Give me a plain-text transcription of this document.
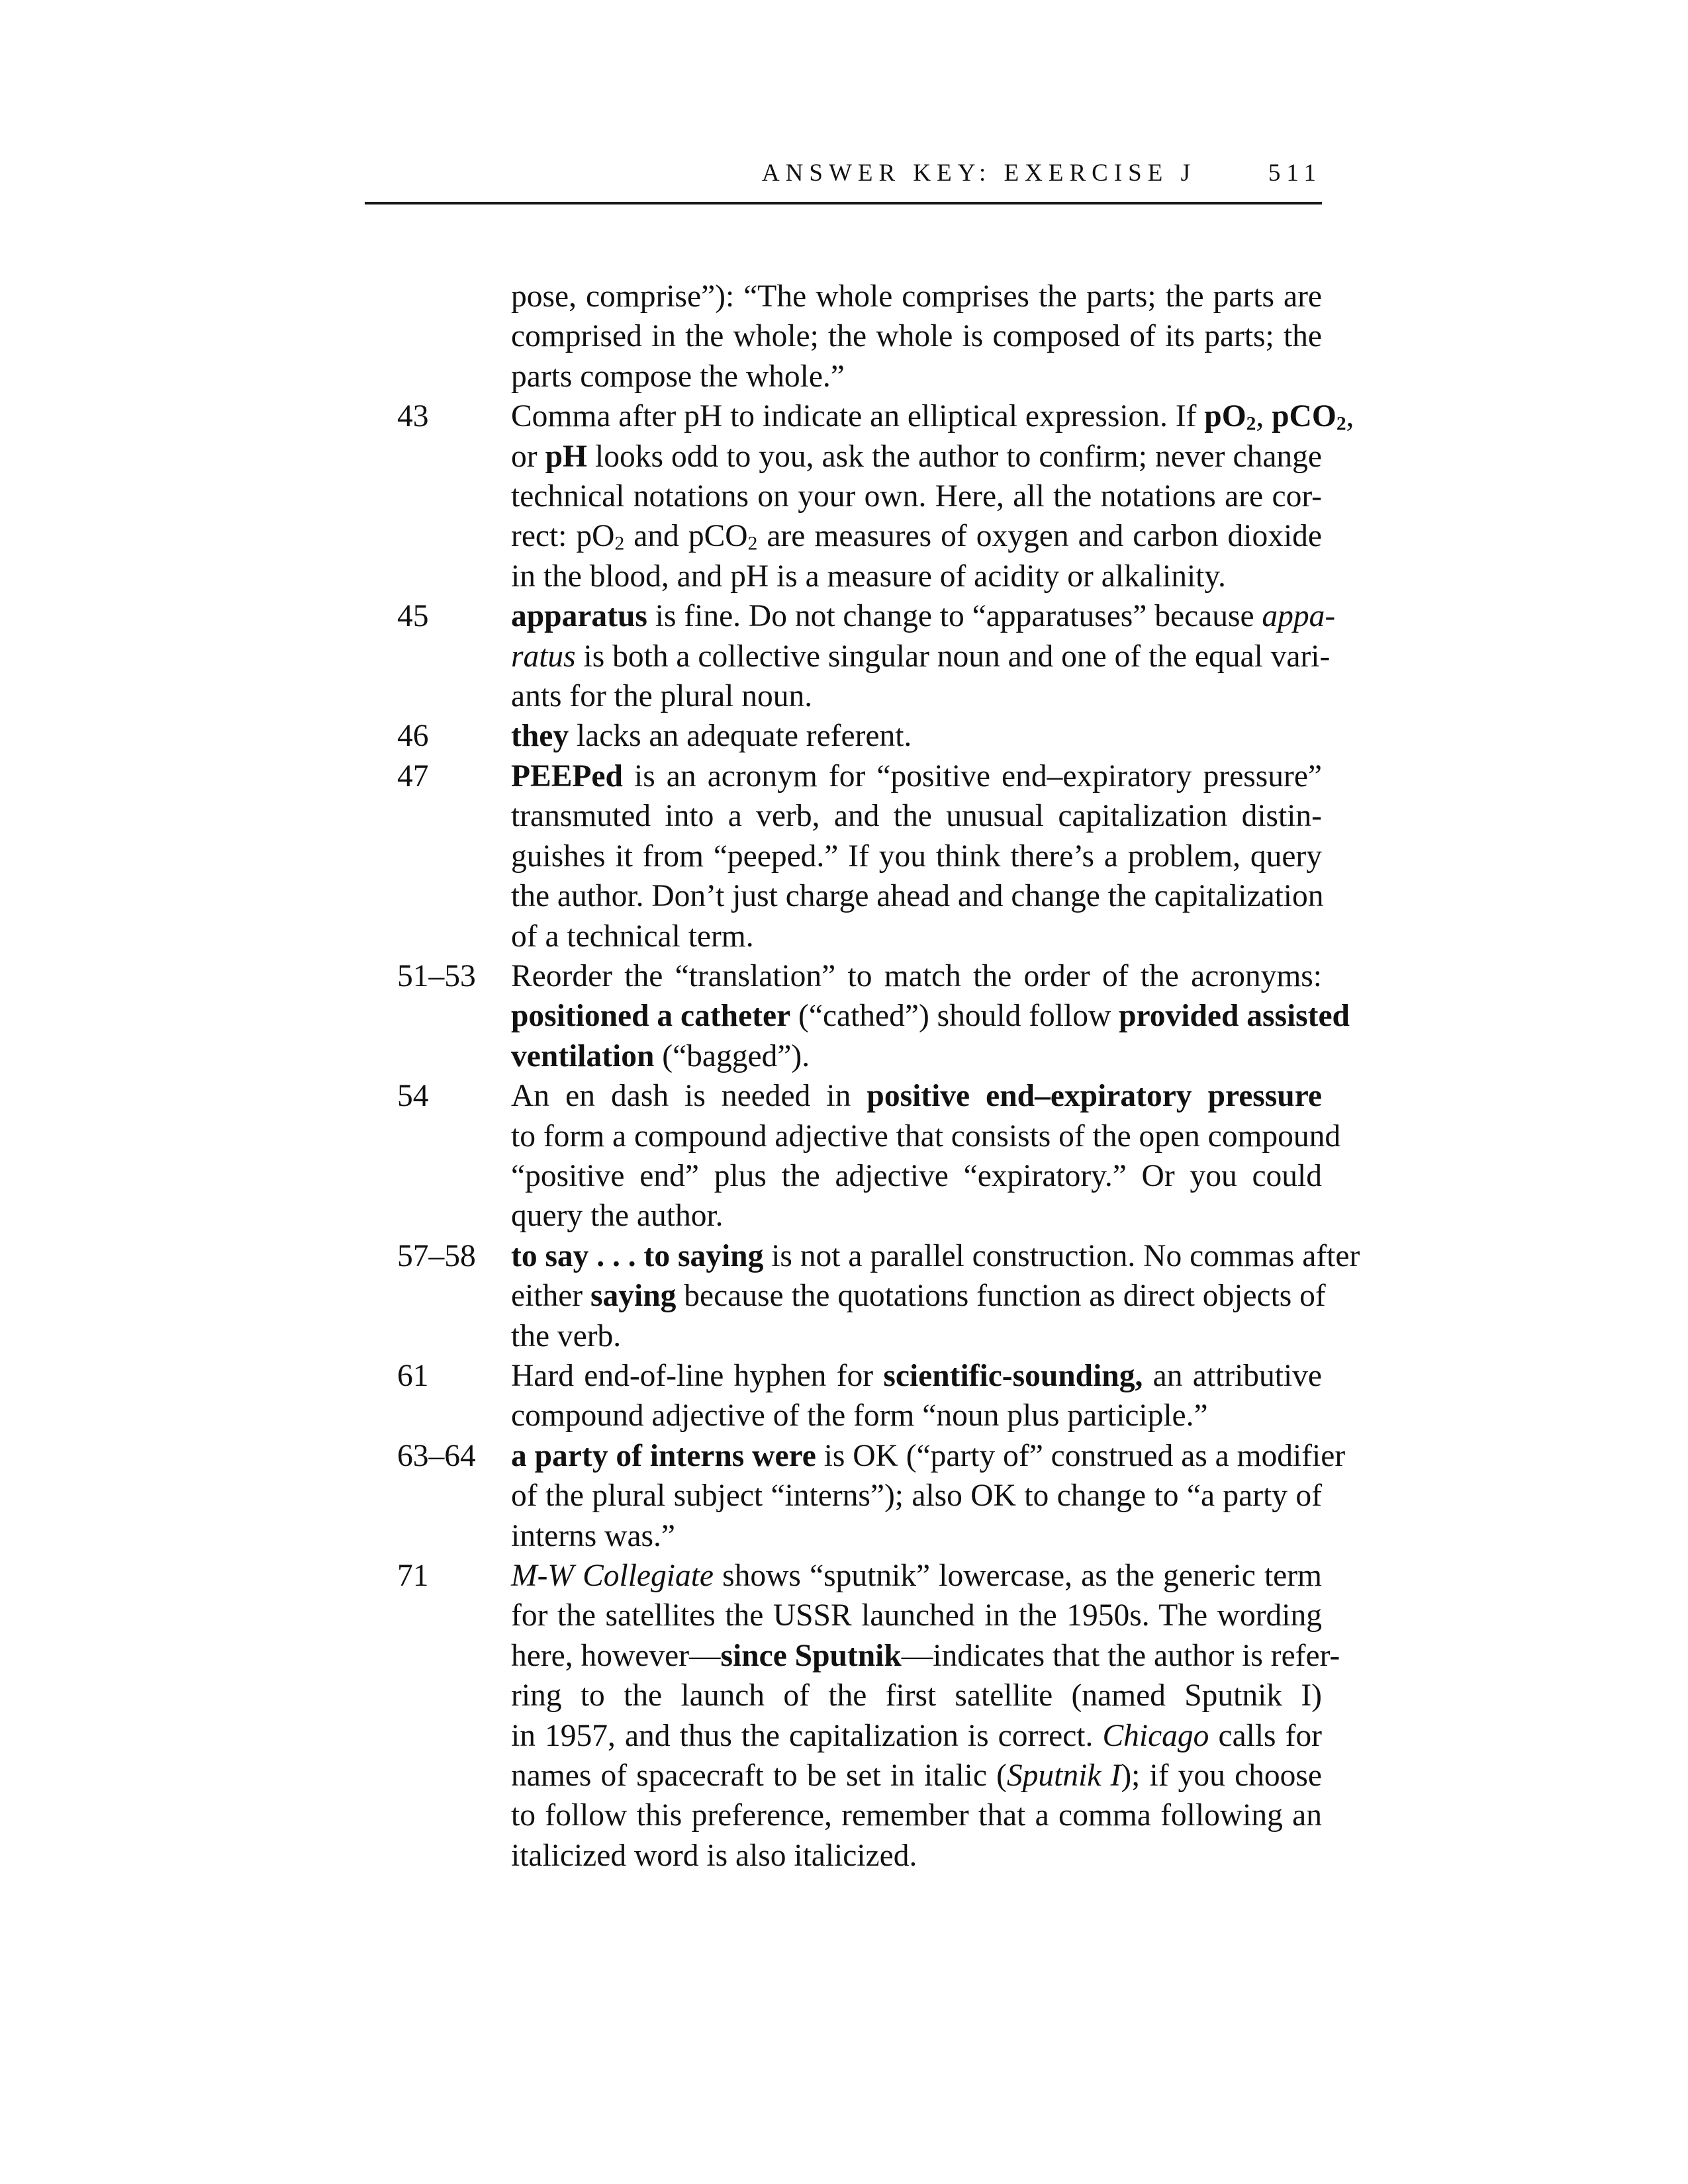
ANSWER KEY: EXERCISE J	511
pose, comprise”): “The whole comprises the parts; the parts are
comprised in the whole; the whole is composed of its parts; the
parts compose the whole.”
43	Comma after pH to indicate an elliptical expression. If $pO_2$, pCO$_2$,
or pH looks odd to you, ask the author to confirm; never change
technical notations on your own. Here, all the notations are cor-
rect: $pO_2$ and pCO$_2$ are measures of oxygen and carbon dioxide
in the blood, and pH is a measure of acidity or alkalinity.
45	apparatus is fine. Do not change to “apparatuses” because appa-
ratus is both a collective singular noun and one of the equal vari-
ants for the plural noun.
46	they lacks an adequate referent.
47	PEEPed is an acronym for “positive end–expiratory pressure”
transmuted into a verb, and the unusual capitalization distin-
guishes it from “peeped.” If you think there’s a problem, query
the author. Don’t just charge ahead and change the capitalization
of a technical term.
51–53 Reorder the “translation” to match the order of the acronyms:
positioned a catheter (“cathed”) should follow provided assisted
ventilation (“bagged”).
54	An en dash is needed in positive end–expiratory pressure
to form a compound adjective that consists of the open compound
“positive end” plus the adjective “expiratory.” Or you could
query the author.
57–58 to say . . . to saying is not a parallel construction. No commas after
either saying because the quotations function as direct objects of
the verb.
61	Hard end-of-line hyphen for scientific-sounding, an attributive
compound adjective of the form “noun plus participle.”
63–64 a party of interns were is OK (“party of” construed as a modifier
of the plural subject “interns”); also OK to change to “a party of
interns was.”
71	M-W Collegiate shows “sputnik” lowercase, as the generic term
for the satellites the USSR launched in the 1950s. The wording
here, however—since Sputnik—indicates that the author is refer-
ring to the launch of the first satellite (named Sputnik I)
in 1957, and thus the capitalization is correct. Chicago calls for
names of spacecraft to be set in italic (Sputnik I); if you choose
to follow this preference, remember that a comma following an
italicized word is also italicized.
